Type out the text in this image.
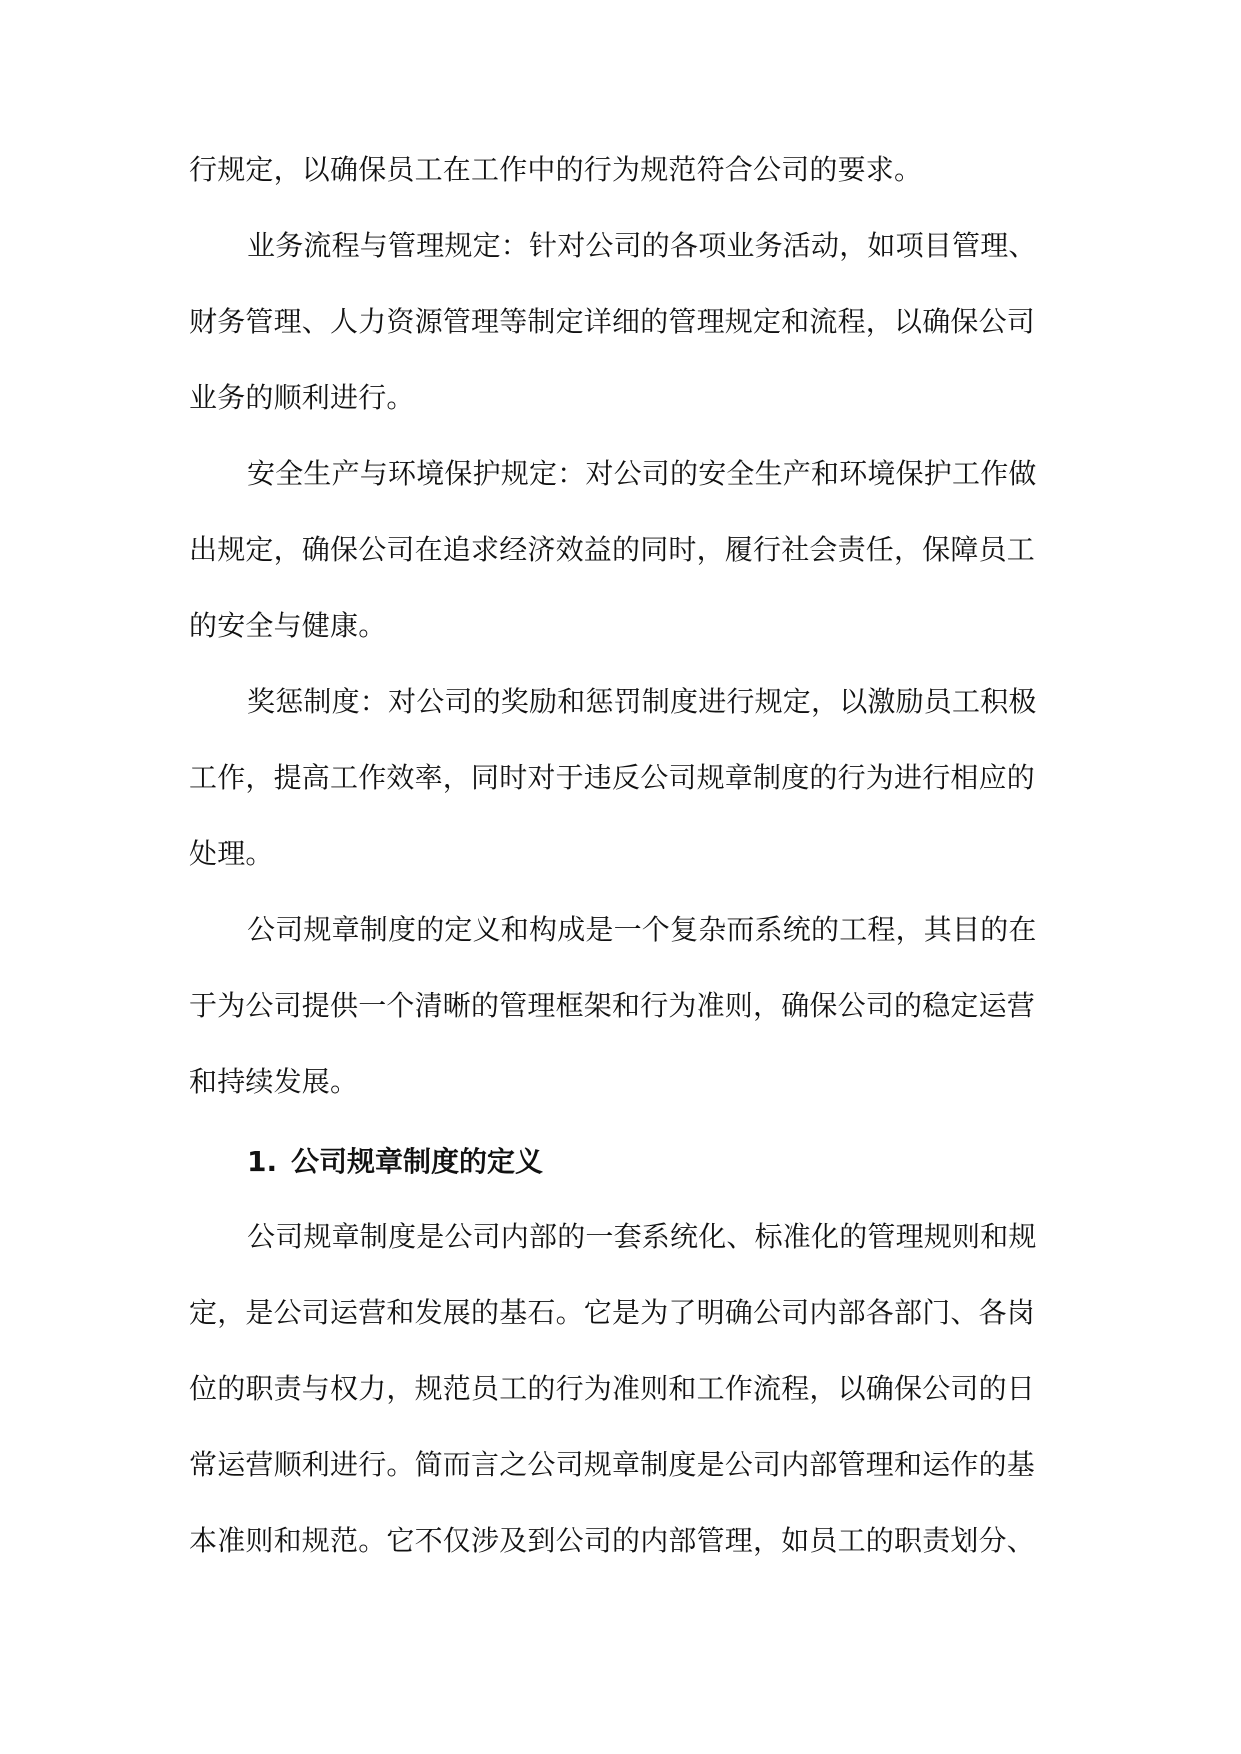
行规定，以确保员工在工作中的行为规范符合公司的要求。
业务流程与管理规定：针对公司的各项业务活动，如项目管理、
财务管理、人力资源管理等制定详细的管理规定和流程，以确保公司
业务的顺利进行。
安全生产与环境保护规定：对公司的安全生产和环境保护工作做
出规定，确保公司在追求经济效益的同时，履行社会责任，保障员工
的安全与健康。
奖惩制度：对公司的奖励和惩罚制度进行规定，以激励员工积极
工作，提高工作效率，同时对于违反公司规章制度的行为进行相应的
处理。
公司规章制度的定义和构成是一个复杂而系统的工程，其目的在
于为公司提供一个清晰的管理框架和行为准则，确保公司的稳定运营
和持续发展。
1. 公司规章制度的定义
公司规章制度是公司内部的一套系统化、标准化的管理规则和规
定，是公司运营和发展的基石。它是为了明确公司内部各部门、各岗
位的职责与权力，规范员工的行为准则和工作流程，以确保公司的日
常运营顺利进行。简而言之公司规章制度是公司内部管理和运作的基
本准则和规范。它不仅涉及到公司的内部管理，如员工的职责划分、
